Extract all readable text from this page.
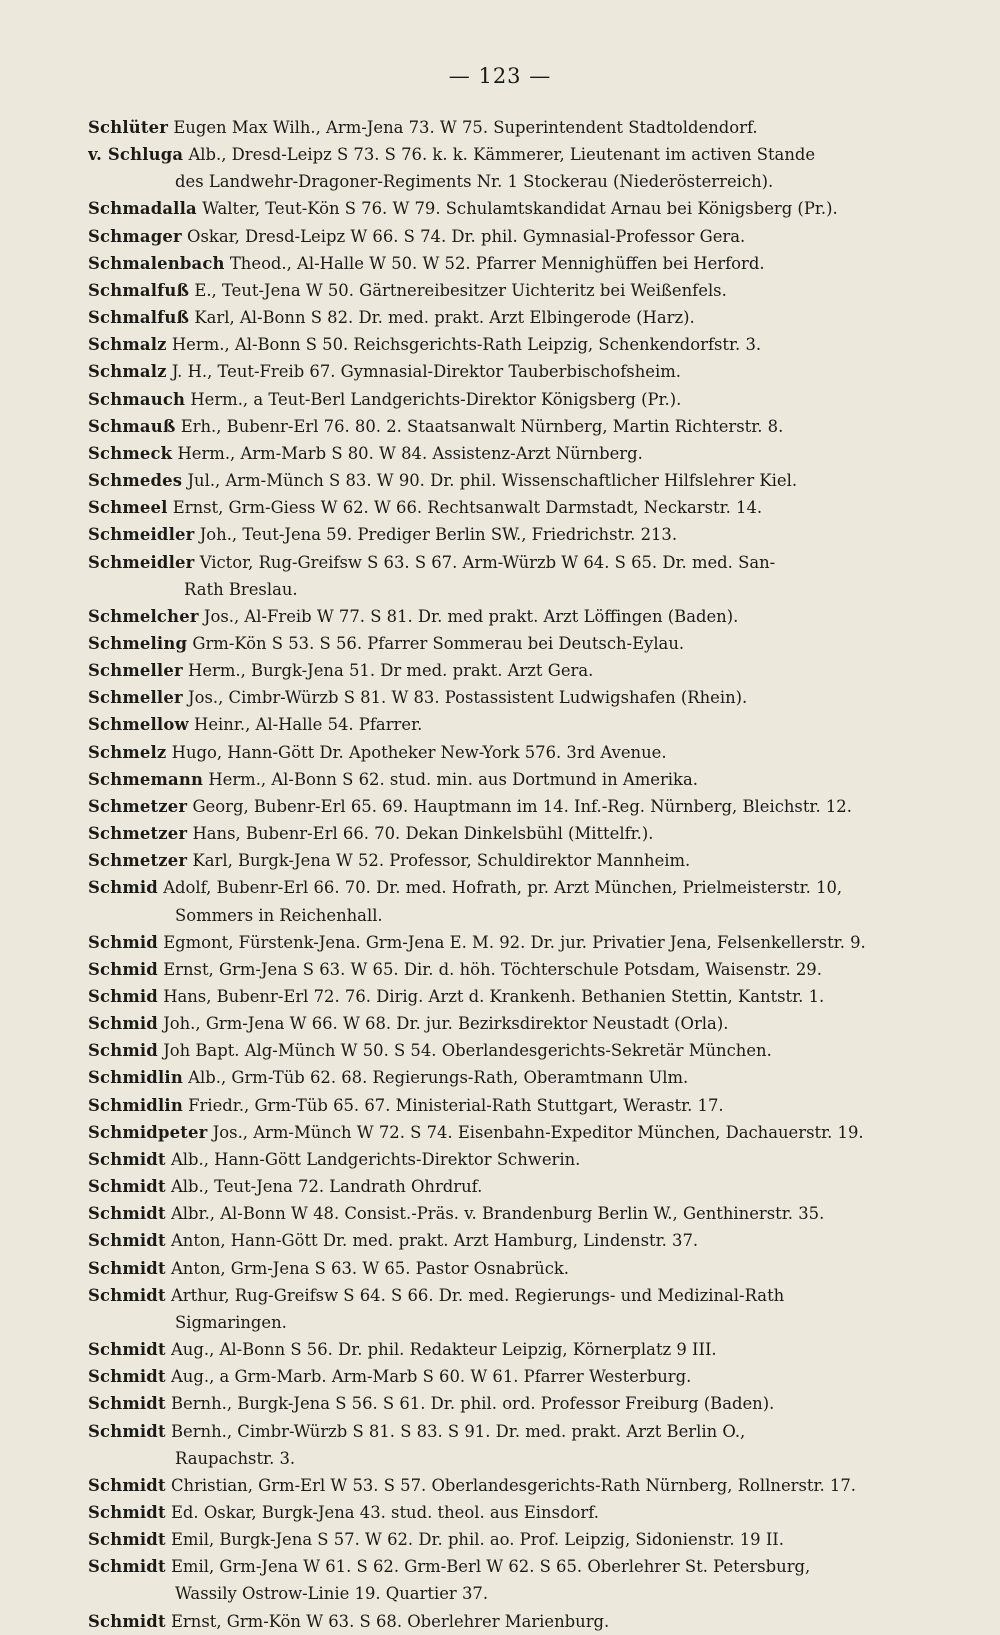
— 123 —
Schlüter Eugen Max Wilh., Arm-Jena 73. W 75. Superintendent Stadtoldendorf.
v. Schluga Alb., Dresd-Leipz S 73. S 76. k. k. Kämmerer, Lieutenant im activen Stande
des Landwehr-Dragoner-Regiments Nr. 1 Stockerau (Niederösterreich).
Schmadalla Walter, Teut-Kön S 76. W 79. Schulamtskandidat Arnau bei Königsberg (Pr.).
Schmager Oskar, Dresd-Leipz W 66. S 74. Dr. phil. Gymnasial-Professor Gera.
Schmalenbach Theod., Al-Halle W 50. W 52. Pfarrer Mennighüffen bei Herford.
Schmalfuß E., Teut-Jena W 50. Gärtnereibesitzer Uichteritz bei Weißenfels.
Schmalfuß Karl, Al-Bonn S 82. Dr. med. prakt. Arzt Elbingerode (Harz).
Schmalz Herm., Al-Bonn S 50. Reichsgerichts-Rath Leipzig, Schenkendorfstr. 3.
Schmalz J. H., Teut-Freib 67. Gymnasial-Direktor Tauberbischofsheim.
Schmauch Herm., a Teut-Berl Landgerichts-Direktor Königsberg (Pr.).
Schmauß Erh., Bubenr-Erl 76. 80. 2. Staatsanwalt Nürnberg, Martin Richterstr. 8.
Schmeck Herm., Arm-Marb S 80. W 84. Assistenz-Arzt Nürnberg.
Schmedes Jul., Arm-Münch S 83. W 90. Dr. phil. Wissenschaftlicher Hilfslehrer Kiel.
Schmeel Ernst, Grm-Giess W 62. W 66. Rechtsanwalt Darmstadt, Neckarstr. 14.
Schmeidler Joh., Teut-Jena 59. Prediger Berlin SW., Friedrichstr. 213.
Schmeidler Victor, Rug-Greifsw S 63. S 67. Arm-Würzb W 64. S 65. Dr. med. San-
Rath Breslau.
Schmelcher Jos., Al-Freib W 77. S 81. Dr. med prakt. Arzt Löffingen (Baden).
Schmeling Grm-Kön S 53. S 56. Pfarrer Sommerau bei Deutsch-Eylau.
Schmeller Herm., Burgk-Jena 51. Dr med. prakt. Arzt Gera.
Schmeller Jos., Cimbr-Würzb S 81. W 83. Postassistent Ludwigshafen (Rhein).
Schmellow Heinr., Al-Halle 54. Pfarrer.
Schmelz Hugo, Hann-Gött Dr. Apotheker New-York 576. 3rd Avenue.
Schmemann Herm., Al-Bonn S 62. stud. min. aus Dortmund in Amerika.
Schmetzer Georg, Bubenr-Erl 65. 69. Hauptmann im 14. Inf.-Reg. Nürnberg, Bleichstr. 12.
Schmetzer Hans, Bubenr-Erl 66. 70. Dekan Dinkelsbühl (Mittelfr.).
Schmetzer Karl, Burgk-Jena W 52. Professor, Schuldirektor Mannheim.
Schmid Adolf, Bubenr-Erl 66. 70. Dr. med. Hofrath, pr. Arzt München, Prielmeisterstr. 10,
Sommers in Reichenhall.
Schmid Egmont, Fürstenk-Jena. Grm-Jena E. M. 92. Dr. jur. Privatier Jena, Felsenkellerstr. 9.
Schmid Ernst, Grm-Jena S 63. W 65. Dir. d. höh. Töchterschule Potsdam, Waisenstr. 29.
Schmid Hans, Bubenr-Erl 72. 76. Dirig. Arzt d. Krankenh. Bethanien Stettin, Kantstr. 1.
Schmid Joh., Grm-Jena W 66. W 68. Dr. jur. Bezirksdirektor Neustadt (Orla).
Schmid Joh Bapt. Alg-Münch W 50. S 54. Oberlandesgerichts-Sekretär München.
Schmidlin Alb., Grm-Tüb 62. 68. Regierungs-Rath, Oberamtmann Ulm.
Schmidlin Friedr., Grm-Tüb 65. 67. Ministerial-Rath Stuttgart, Werastr. 17.
Schmidpeter Jos., Arm-Münch W 72. S 74. Eisenbahn-Expeditor München, Dachauerstr. 19.
Schmidt Alb., Hann-Gött Landgerichts-Direktor Schwerin.
Schmidt Alb., Teut-Jena 72. Landrath Ohrdruf.
Schmidt Albr., Al-Bonn W 48. Consist.-Präs. v. Brandenburg Berlin W., Genthinerstr. 35.
Schmidt Anton, Hann-Gött Dr. med. prakt. Arzt Hamburg, Lindenstr. 37.
Schmidt Anton, Grm-Jena S 63. W 65. Pastor Osnabrück.
Schmidt Arthur, Rug-Greifsw S 64. S 66. Dr. med. Regierungs- und Medizinal-Rath
Sigmaringen.
Schmidt Aug., Al-Bonn S 56. Dr. phil. Redakteur Leipzig, Körnerplatz 9 III.
Schmidt Aug., a Grm-Marb. Arm-Marb S 60. W 61. Pfarrer Westerburg.
Schmidt Bernh., Burgk-Jena S 56. S 61. Dr. phil. ord. Professor Freiburg (Baden).
Schmidt Bernh., Cimbr-Würzb S 81. S 83. S 91. Dr. med. prakt. Arzt Berlin O.,
Raupachstr. 3.
Schmidt Christian, Grm-Erl W 53. S 57. Oberlandesgerichts-Rath Nürnberg, Rollnerstr. 17.
Schmidt Ed. Oskar, Burgk-Jena 43. stud. theol. aus Einsdorf.
Schmidt Emil, Burgk-Jena S 57. W 62. Dr. phil. ao. Prof. Leipzig, Sidonienstr. 19 II.
Schmidt Emil, Grm-Jena W 61. S 62. Grm-Berl W 62. S 65. Oberlehrer St. Petersburg,
Wassily Ostrow-Linie 19. Quartier 37.
Schmidt Ernst, Grm-Kön W 63. S 68. Oberlehrer Marienburg.
